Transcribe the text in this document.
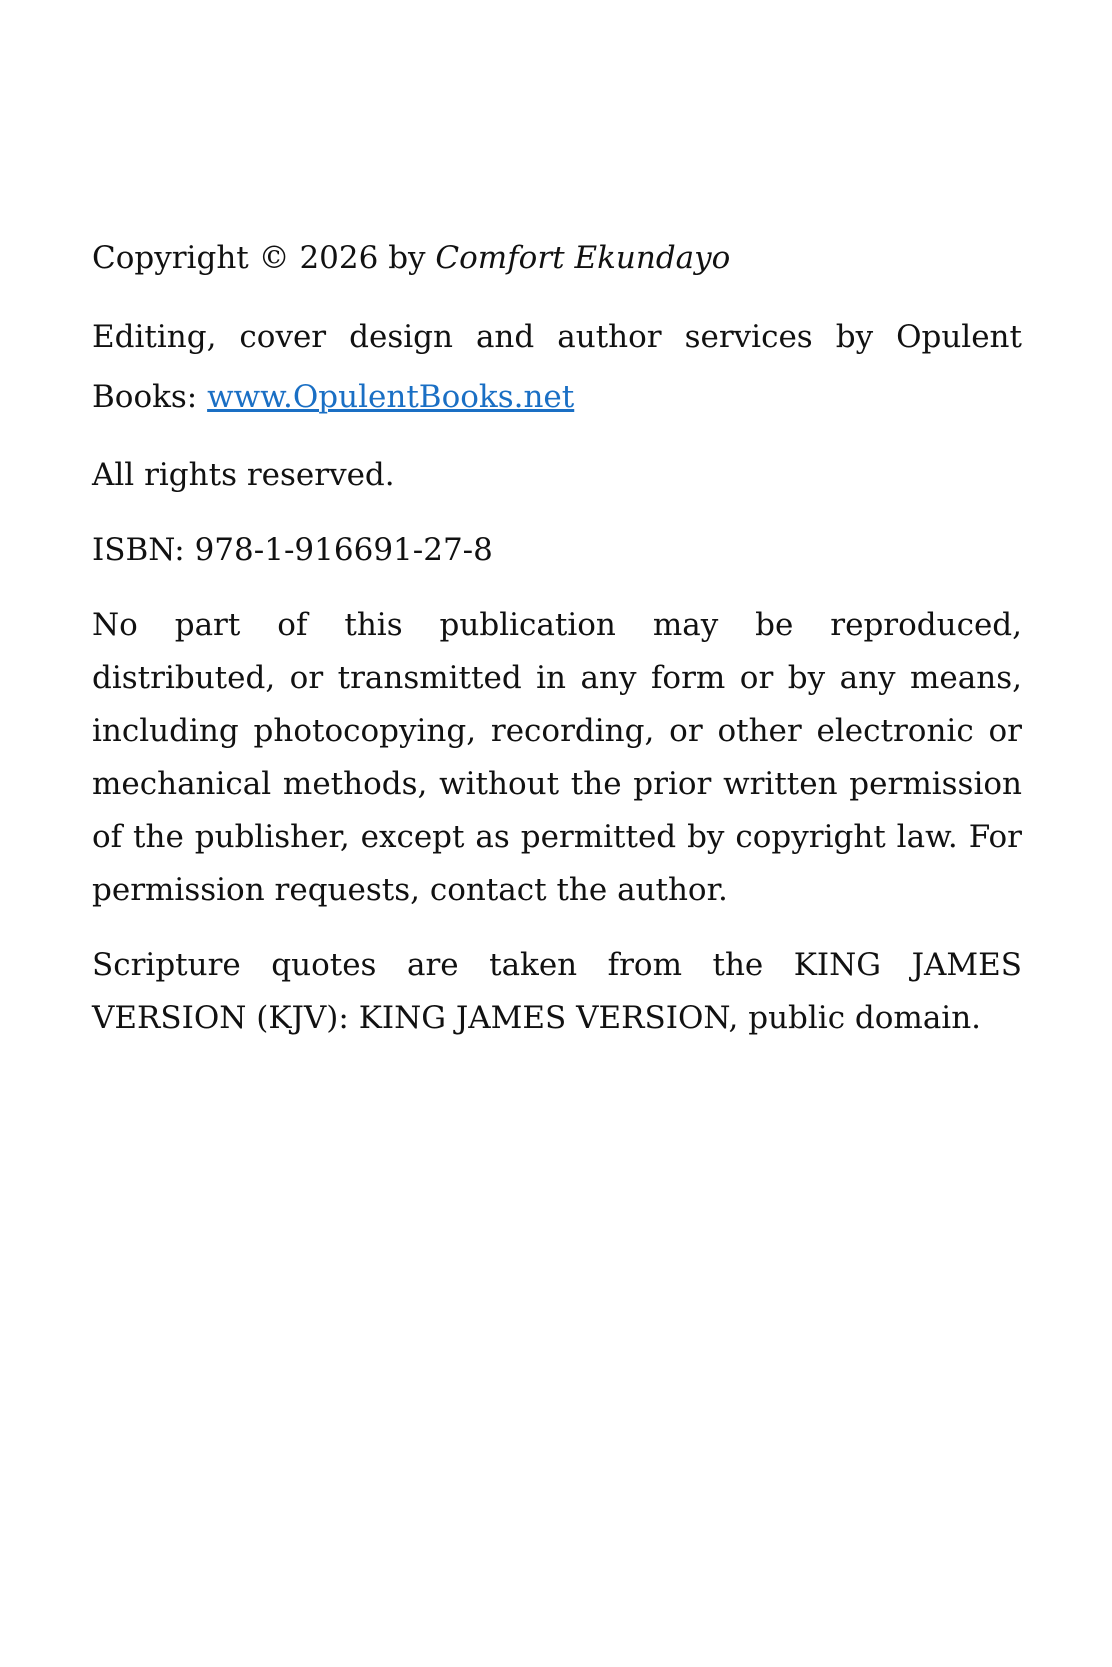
Copyright © 2026 by Comfort Ekundayo

Editing, cover design and author services by Opulent Books: www.OpulentBooks.net

All rights reserved.

ISBN: 978-1-916691-27-8

No part of this publication may be reproduced, distributed, or transmitted in any form or by any means, including photocopying, recording, or other electronic or mechanical methods, without the prior written permission of the publisher, except as permitted by copyright law. For permission requests, contact the author.

Scripture quotes are taken from the KING JAMES VERSION (KJV): KING JAMES VERSION, public domain.
